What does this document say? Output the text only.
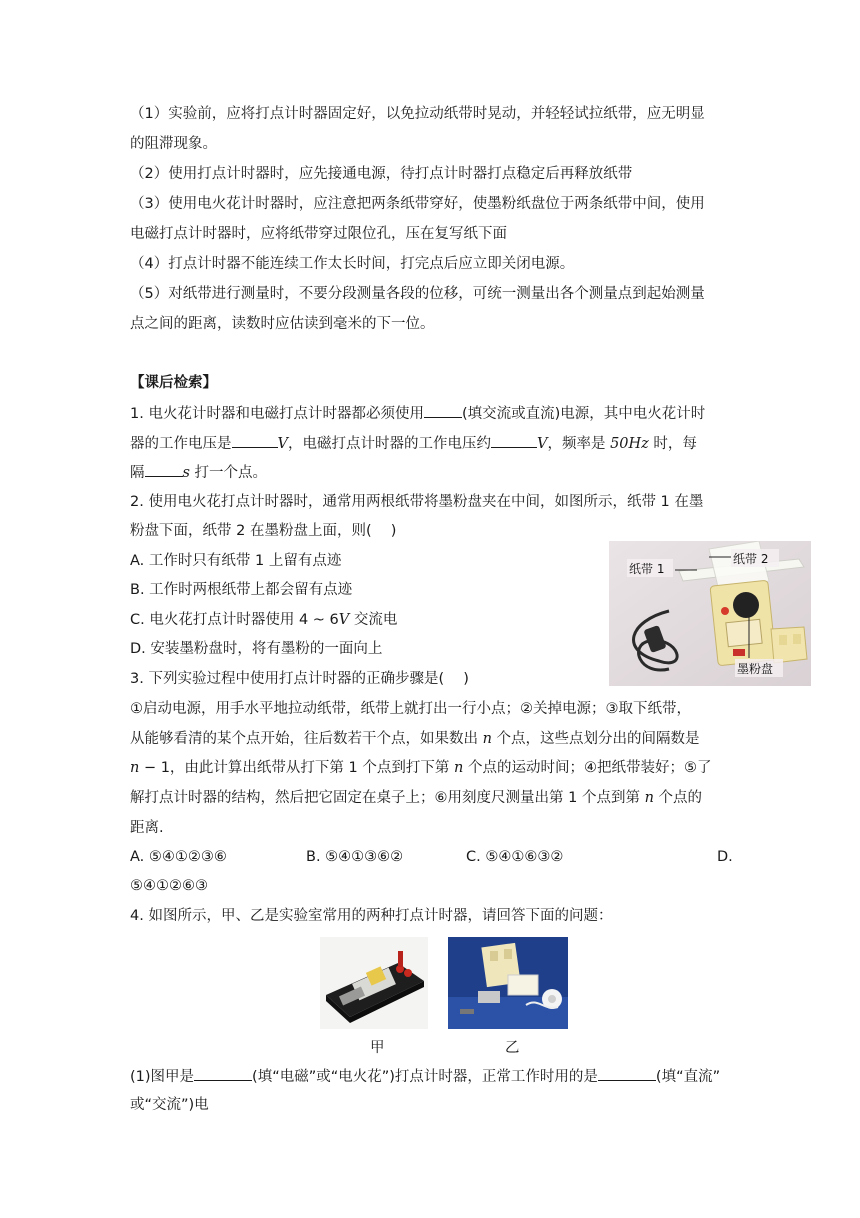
（1）实验前，应将打点计时器固定好，以免拉动纸带时晃动，并轻轻试拉纸带，应无明显
的阻滞现象。
（2）使用打点计时器时，应先接通电源，待打点计时器打点稳定后再释放纸带
（3）使用电火花计时器时，应注意把两条纸带穿好，使墨粉纸盘位于两条纸带中间，使用
电磁打点计时器时，应将纸带穿过限位孔，压在复写纸下面
（4）打点计时器不能连续工作太长时间，打完点后应立即关闭电源。
（5）对纸带进行测量时，不要分段测量各段的位移，可统一测量出各个测量点到起始测量
点之间的距离，读数时应估读到毫米的下一位。
【课后检索】
1. 电火花计时器和电磁打点计时器都必须使用	(填交流或直流)电源，其中电火花计时
器的工作电压是	V，电磁打点计时器的工作电压约	V，频率是 50Hz 时，每
隔	s 打一个点。
2. 使用电火花打点计时器时，通常用两根纸带将墨粉盘夹在中间，如图所示，纸带 1 在墨
粉盘下面，纸带 2 在墨粉盘上面，则(　 )
A. 工作时只有纸带 1 上留有点迹
B. 工作时两根纸带上都会留有点迹
C. 电火花打点计时器使用 4 ~ 6V 交流电
D. 安装墨粉盘时，将有墨粉的一面向上
纸带 1
纸带 2
墨粉盘
3. 下列实验过程中使用打点计时器的正确步骤是(　 )
①启动电源，用手水平地拉动纸带，纸带上就打出一行小点；②关掉电源；③取下纸带，
从能够看清的某个点开始，往后数若干个点，如果数出 n 个点，这些点划分出的间隔数是
n − 1，由此计算出纸带从打下第 1 个点到打下第 n 个点的运动时间；④把纸带装好；⑤了
解打点计时器的结构，然后把它固定在桌子上；⑥用刻度尺测量出第 1 个点到第 n 个点的
距离.
A. ⑤④①②③⑥	B. ⑤④①③⑥②	C. ⑤④①⑥③②	D.
⑤④①②⑥③
4. 如图所示，甲、乙是实验室常用的两种打点计时器，请回答下面的问题：
甲	乙
(1)图甲是	(填“电磁”或“电火花”)打点计时器，正常工作时用的是	(填“直流”
或“交流”)电
